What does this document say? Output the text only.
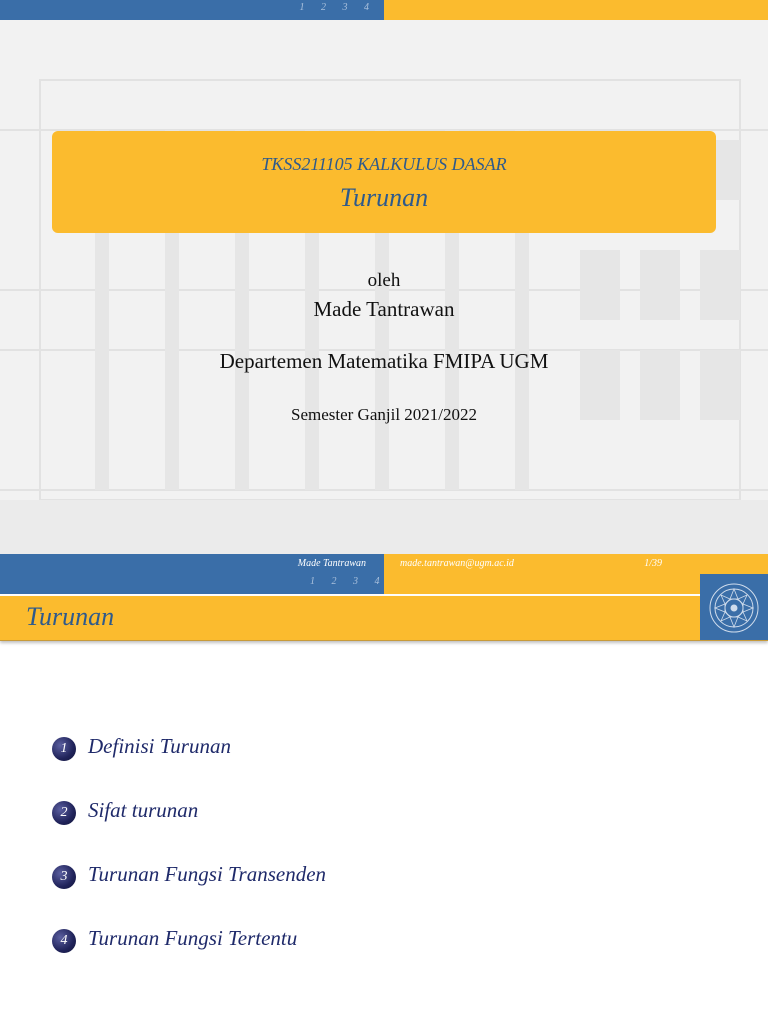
1 2 3 4
TKSS211105 KALKULUS DASAR
Turunan
oleh
Made Tantrawan
Departemen Matematika FMIPA UGM
Semester Ganjil 2021/2022
Made Tantrawan	made.tantrawan@ugm.ac.id	1/39
1 2 3 4
Turunan
1 Definisi Turunan
2 Sifat turunan
3 Turunan Fungsi Transenden
4 Turunan Fungsi Tertentu
